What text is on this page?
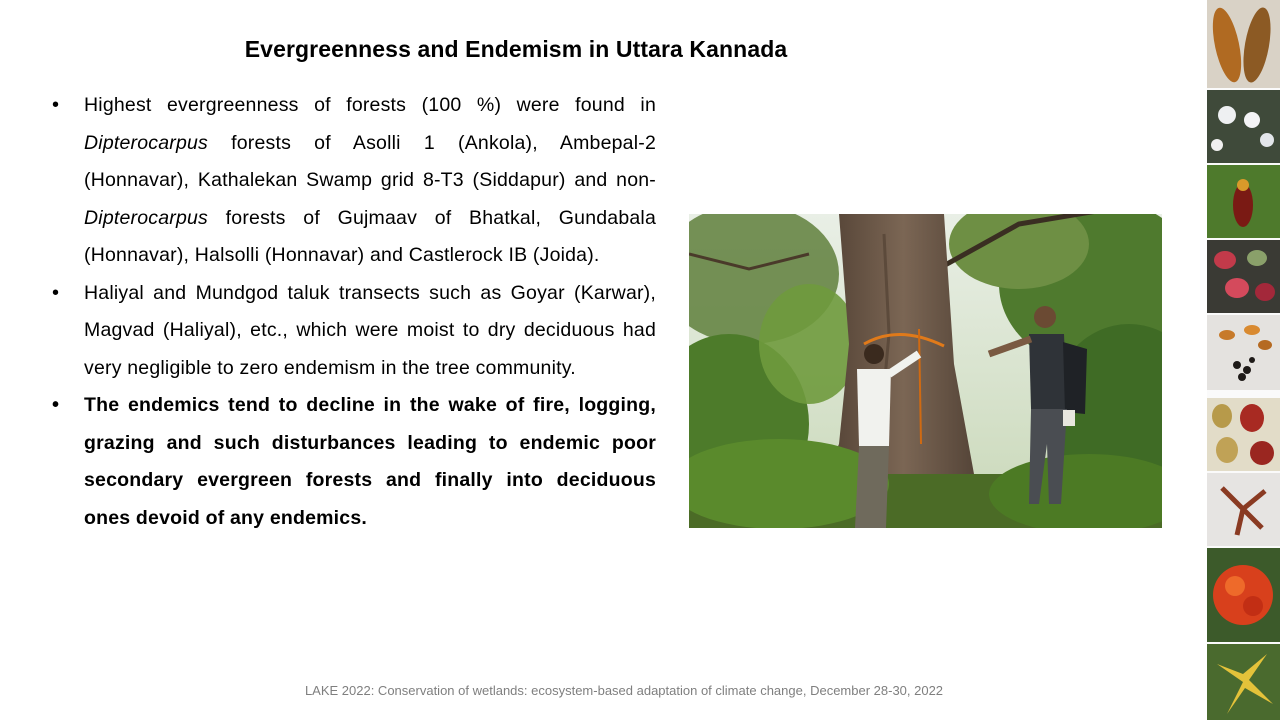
Evergreenness and Endemism in Uttara Kannada
• Highest evergreenness of forests (100 %) were found in Dipterocarpus forests of Asolli 1 (Ankola), Ambepal-2 (Honnavar), Kathalekan Swamp grid 8-T3 (Siddapur) and non-Dipterocarpus forests of Gujmaav of Bhatkal, Gundabala (Honnavar), Halsolli (Honnavar) and Castlerock IB (Joida).
• Haliyal and Mundgod taluk transects such as Goyar (Karwar), Magvad (Haliyal), etc., which were moist to dry deciduous had very negligible to zero endemism in the tree community.
• The endemics tend to decline in the wake of fire, logging, grazing and such disturbances leading to endemic poor secondary evergreen forests and finally into deciduous ones devoid of any endemics.
LAKE 2022: Conservation of wetlands: ecosystem-based adaptation of climate change, December 28-30, 2022
